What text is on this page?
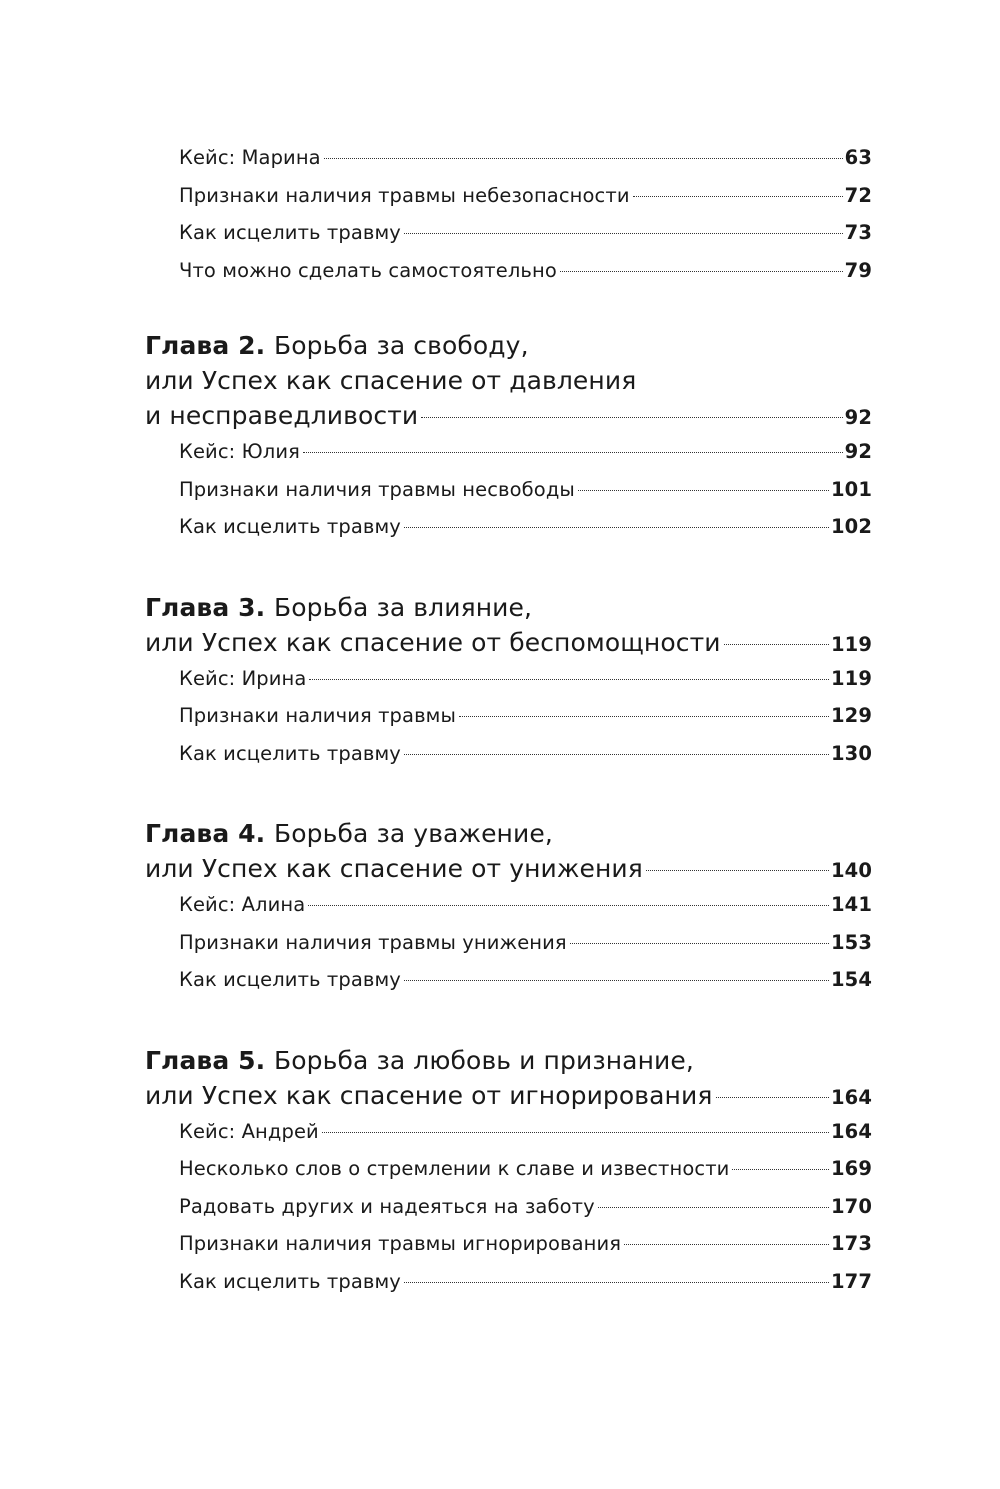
Кейс: Марина	63
Признаки наличия травмы небезопасности	72
Как исцелить травму	73
Что можно сделать самостоятельно	79
Глава 2. Борьба за свободу,
или Успех как спасение от давления
и несправедливости	92
Кейс: Юлия	92
Признаки наличия травмы несвободы	101
Как исцелить травму	102
Глава 3. Борьба за влияние,
или Успех как спасение от беспомощности	119
Кейс: Ирина	119
Признаки наличия травмы	129
Как исцелить травму	130
Глава 4. Борьба за уважение,
или Успех как спасение от унижения	140
Кейс: Алина	141
Признаки наличия травмы унижения	153
Как исцелить травму	154
Глава 5. Борьба за любовь и признание,
или Успех как спасение от игнорирования	164
Кейс: Андрей	164
Несколько слов о стремлении к славе и известности	169
Радовать других и надеяться на заботу	170
Признаки наличия травмы игнорирования	173
Как исцелить травму	177
